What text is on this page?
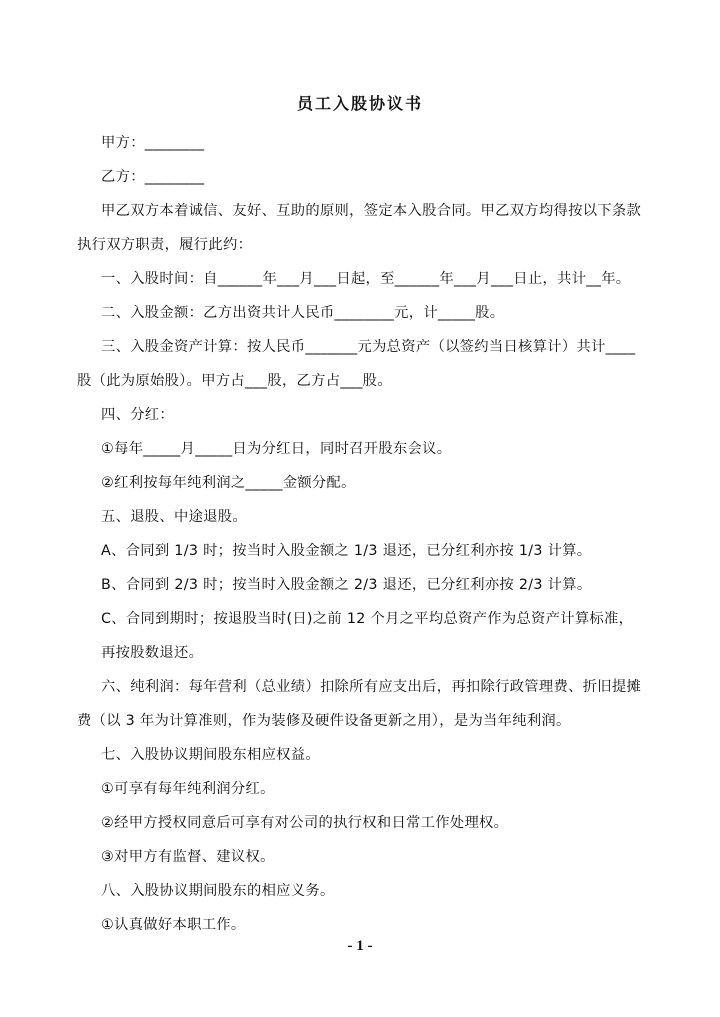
员工入股协议书

甲方：________

乙方：________

甲乙双方本着诚信、友好、互助的原则，签定本入股合同。甲乙双方均得按以下条款执行双方职责，履行此约：

一、入股时间：自______年___月___日起，至______年___月___日止，共计__年。

二、入股金额：乙方出资共计人民币________元，计_____股。

三、入股金资产计算：按人民币_______元为总资产（以签约当日核算计）共计____股（此为原始股）。甲方占___股，乙方占___股。

四、分红：

①每年_____月_____日为分红日，同时召开股东会议。

②红利按每年纯利润之_____金额分配。

五、退股、中途退股。

A、合同到 1/3 时；按当时入股金额之 1/3 退还，已分红利亦按 1/3 计算。

B、合同到 2/3 时；按当时入股金额之 2/3 退还，已分红利亦按 2/3 计算。

C、合同到期时；按退股当时(日)之前 12 个月之平均总资产作为总资产计算标准，再按股数退还。

六、纯利润：每年营利（总业绩）扣除所有应支出后，再扣除行政管理费、折旧提摊费（以 3 年为计算准则，作为装修及硬件设备更新之用），是为当年纯利润。

七、入股协议期间股东相应权益。

①可享有每年纯利润分红。

②经甲方授权同意后可享有对公司的执行权和日常工作处理权。

③对甲方有监督、建议权。

八、入股协议期间股东的相应义务。

①认真做好本职工作。

- 1 -
